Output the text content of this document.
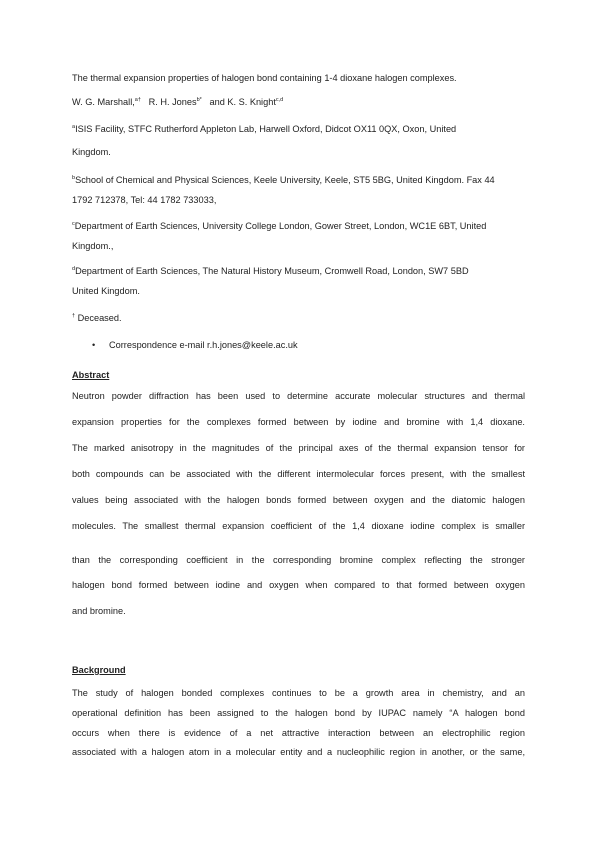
The thermal expansion properties of halogen bond containing 1-4 dioxane halogen complexes.
W. G. Marshall,$^{a\dagger}$ R. H. Jones$^{b*}$ and K. S. Knight$^{c,d}$
$^a$ISIS Facility, STFC Rutherford Appleton Lab, Harwell Oxford, Didcot OX11 0QX, Oxon, United
Kingdom.
$^b$School of Chemical and Physical Sciences, Keele University, Keele, ST5 5BG, United Kingdom. Fax 44
1792 712378, Tel: 44 1782 733033,
$^c$Department of Earth Sciences, University College London, Gower Street, London, WC1E 6BT, United
Kingdom.,
$^d$Department of Earth Sciences, The Natural History Museum, Cromwell Road, London, SW7 5BD
United Kingdom.
† Deceased.
• Correspondence e-mail r.h.jones@keele.ac.uk
Abstract
Neutron powder diffraction has been used to determine accurate molecular structures and thermal
expansion properties for the complexes formed between by iodine and bromine with 1,4 dioxane.
The marked anisotropy in the magnitudes of the principal axes of the thermal expansion tensor for
both compounds can be associated with the different intermolecular forces present, with the smallest
values being associated with the halogen bonds formed between oxygen and the diatomic halogen
molecules. The smallest thermal expansion coefficient of the 1,4 dioxane iodine complex is smaller
than the corresponding coefficient in the corresponding bromine complex reflecting the stronger
halogen bond formed between iodine and oxygen when compared to that formed between oxygen
and bromine.
Background
The study of halogen bonded complexes continues to be a growth area in chemistry, and an
operational definition has been assigned to the halogen bond by IUPAC namely “A halogen bond
occurs when there is evidence of a net attractive interaction between an electrophilic region
associated with a halogen atom in a molecular entity and a nucleophilic region in another, or the same,
